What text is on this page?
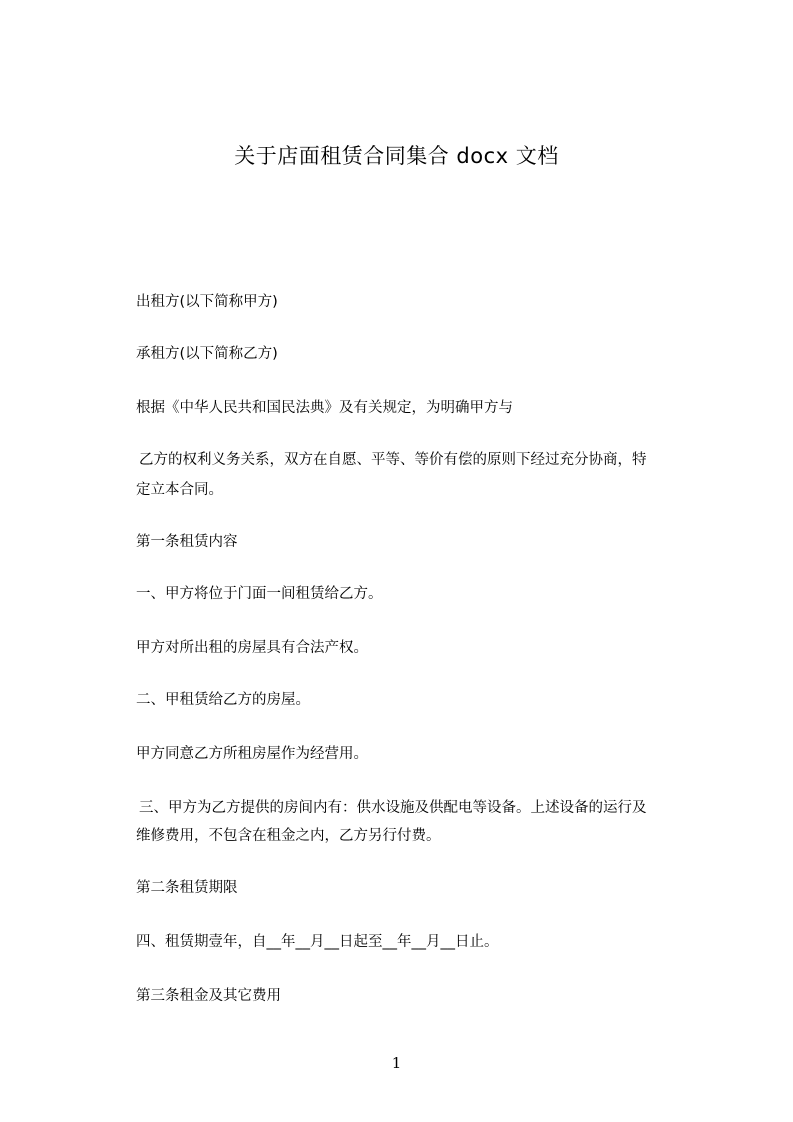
关于店面租赁合同集合 docx 文档
出租方(以下简称甲方)
承租方(以下简称乙方)
根据《中华人民共和国民法典》及有关规定，为明确甲方与
乙方的权利义务关系，双方在自愿、平等、等价有偿的原则下经过充分协商，特
定立本合同。
第一条租赁内容
一、甲方将位于门面一间租赁给乙方。
甲方对所出租的房屋具有合法产权。
二、甲租赁给乙方的房屋。
甲方同意乙方所租房屋作为经营用。
三、甲方为乙方提供的房间内有：供水设施及供配电等设备。上述设备的运行及
维修费用，不包含在租金之内，乙方另行付费。
第二条租赁期限
四、租赁期壹年，自__年__月__日起至__年__月__日止。
第三条租金及其它费用
1
